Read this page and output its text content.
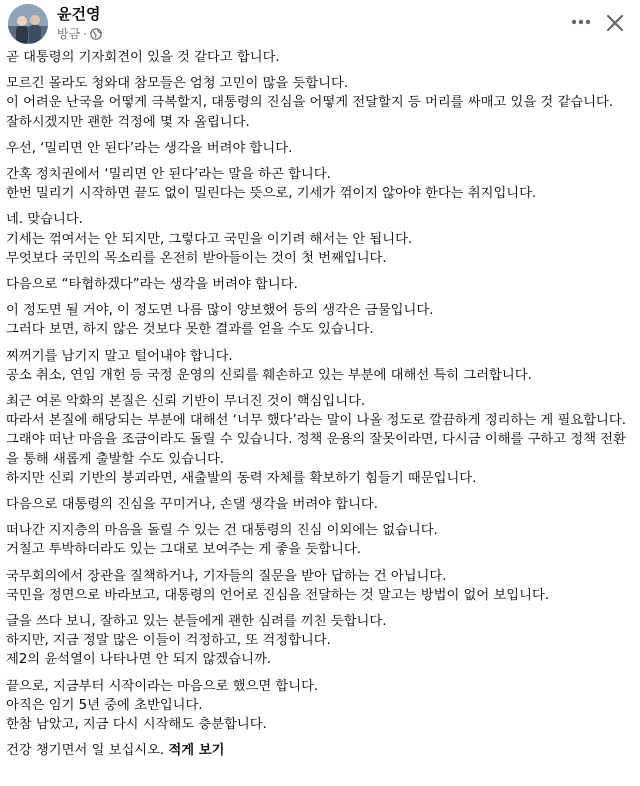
윤건영
방금 ·
곧 대통령의 기자회견이 있을 것 같다고 합니다.
모르긴 몰라도 청와대 참모들은 엄청 고민이 많을 듯합니다.
이 어려운 난국을 어떻게 극복할지, 대통령의 진심을 어떻게 전달할지 등 머리를 싸매고 있을 것 같습니다.
잘하시겠지만 괜한 걱정에 몇 자 올립니다.
우선, ‘밀리면 안 된다’라는 생각을 버려야 합니다.
간혹 정치권에서 ‘밀리면 안 된다’라는 말을 하곤 합니다.
한번 밀리기 시작하면 끝도 없이 밀린다는 뜻으로, 기세가 꺾이지 않아야 한다는 취지입니다.
네. 맞습니다.
기세는 꺾여서는 안 되지만, 그렇다고 국민을 이기려 해서는 안 됩니다.
무엇보다 국민의 목소리를 온전히 받아들이는 것이 첫 번째입니다.
다음으로 “타협하겠다”라는 생각을 버려야 합니다.
이 정도면 될 거야, 이 정도면 나름 많이 양보했어 등의 생각은 금물입니다.
그러다 보면, 하지 않은 것보다 못한 결과를 얻을 수도 있습니다.
찌꺼기를 남기지 말고 털어내야 합니다.
공소 취소, 연임 개헌 등 국정 운영의 신뢰를 훼손하고 있는 부분에 대해선 특히 그러합니다.
최근 여론 악화의 본질은 신뢰 기반이 무너진 것이 핵심입니다.
따라서 본질에 해당되는 부분에 대해선 ‘너무 했다’라는 말이 나올 정도로 깔끔하게 정리하는 게 필요합니다.
그래야 떠난 마음을 조금이라도 돌릴 수 있습니다. 정책 운용의 잘못이라면, 다시금 이해를 구하고 정책 전환을 통해 새롭게 출발할 수도 있습니다.
하지만 신뢰 기반의 붕괴라면, 새출발의 동력 자체를 확보하기 힘들기 때문입니다.
다음으로 대통령의 진심을 꾸미거나, 손댈 생각을 버려야 합니다.
떠나간 지지층의 마음을 돌릴 수 있는 건 대통령의 진심 이외에는 없습니다.
거칠고 투박하더라도 있는 그대로 보여주는 게 좋을 듯합니다.
국무회의에서 장관을 질책하거나, 기자들의 질문을 받아 답하는 건 아닙니다.
국민을 정면으로 바라보고, 대통령의 언어로 진심을 전달하는 것 말고는 방법이 없어 보입니다.
글을 쓰다 보니, 잘하고 있는 분들에게 괜한 심려를 끼친 듯합니다.
하지만, 지금 정말 많은 이들이 걱정하고, 또 걱정합니다.
제2의 윤석열이 나타나면 안 되지 않겠습니까.
끝으로, 지금부터 시작이라는 마음으로 했으면 합니다.
아직은 임기 5년 중에 초반입니다.
한참 남았고, 지금 다시 시작해도 충분합니다.
건강 챙기면서 일 보십시오. 적게 보기
